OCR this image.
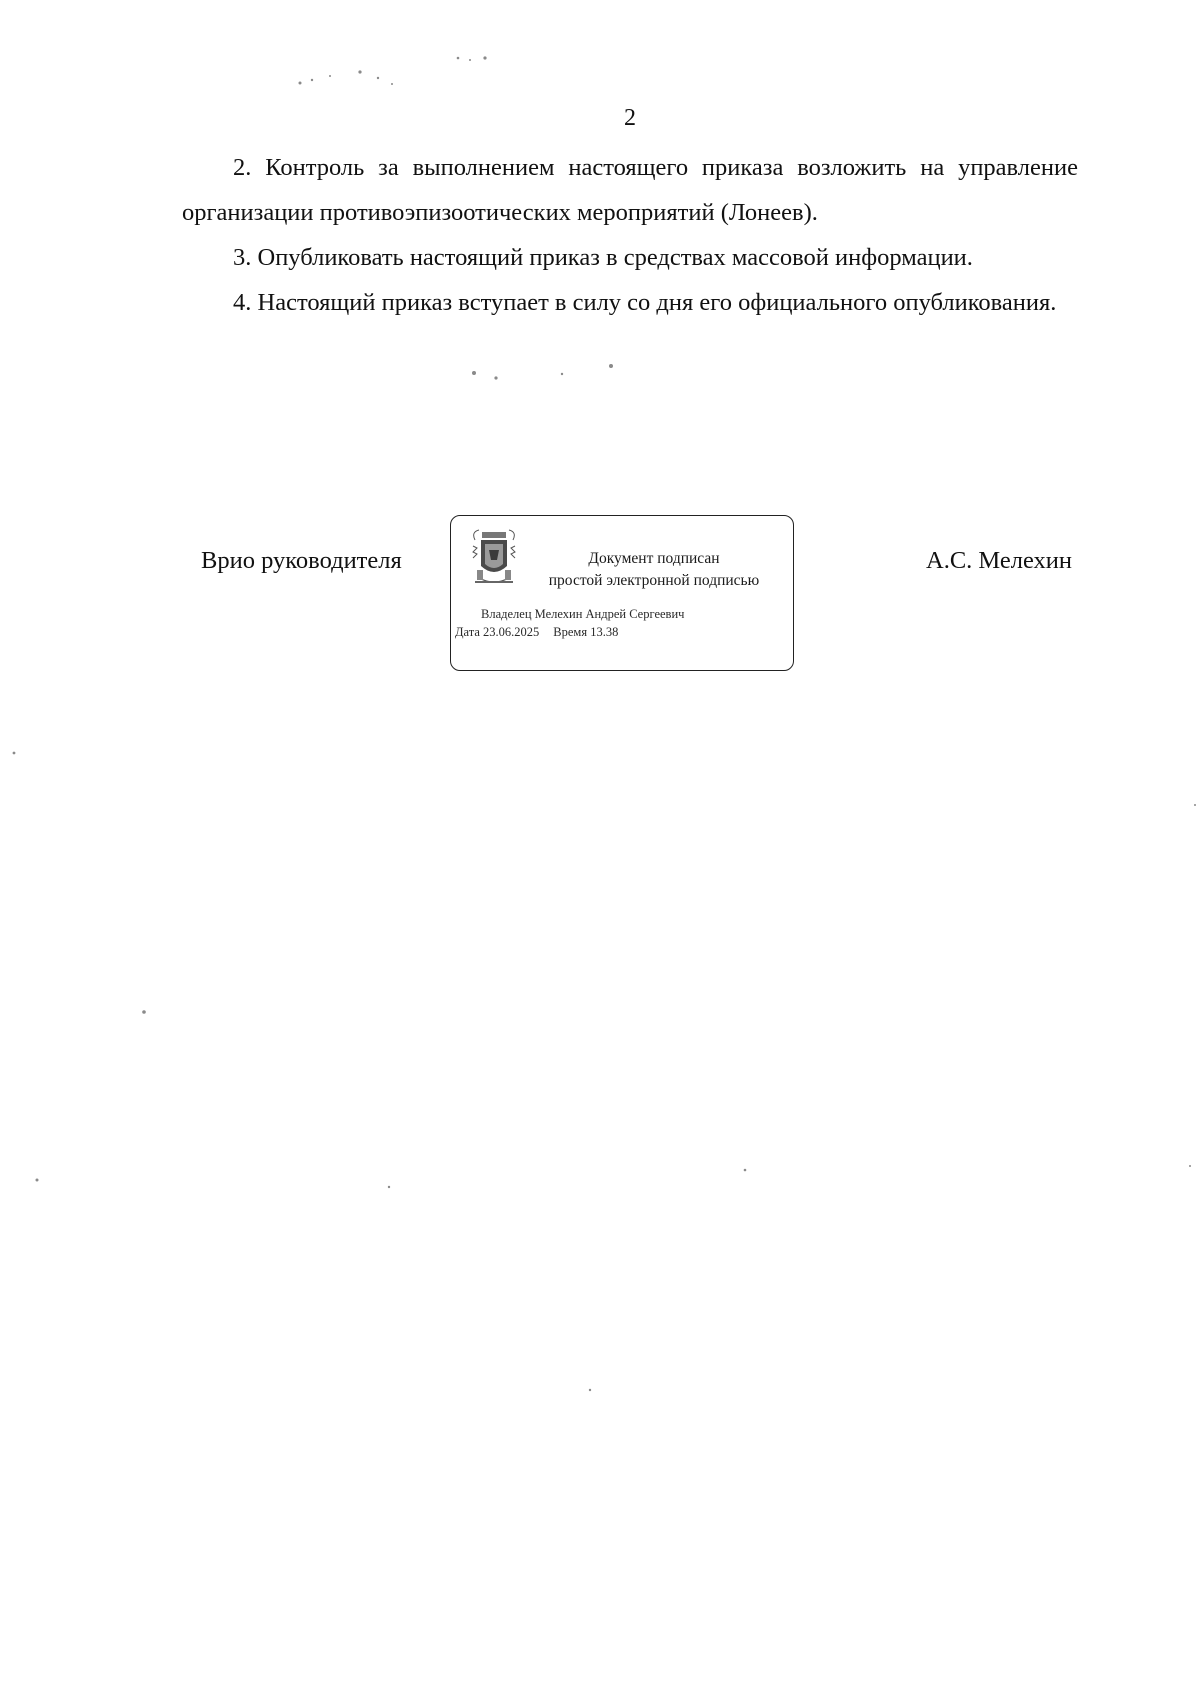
2

2. Контроль за выполнением настоящего приказа возложить на управление организации противоэпизоотических мероприятий (Лонеев).

3. Опубликовать настоящий приказ в средствах массовой информации.

4. Настоящий приказ вступает в силу со дня его официального опубликования.

Врио руководителя	Документ подписан
простой электронной подписью
Владелец Мелехин Андрей Сергеевич
Дата 23.06.2025 Время 13.38
А.С. Мелехин
